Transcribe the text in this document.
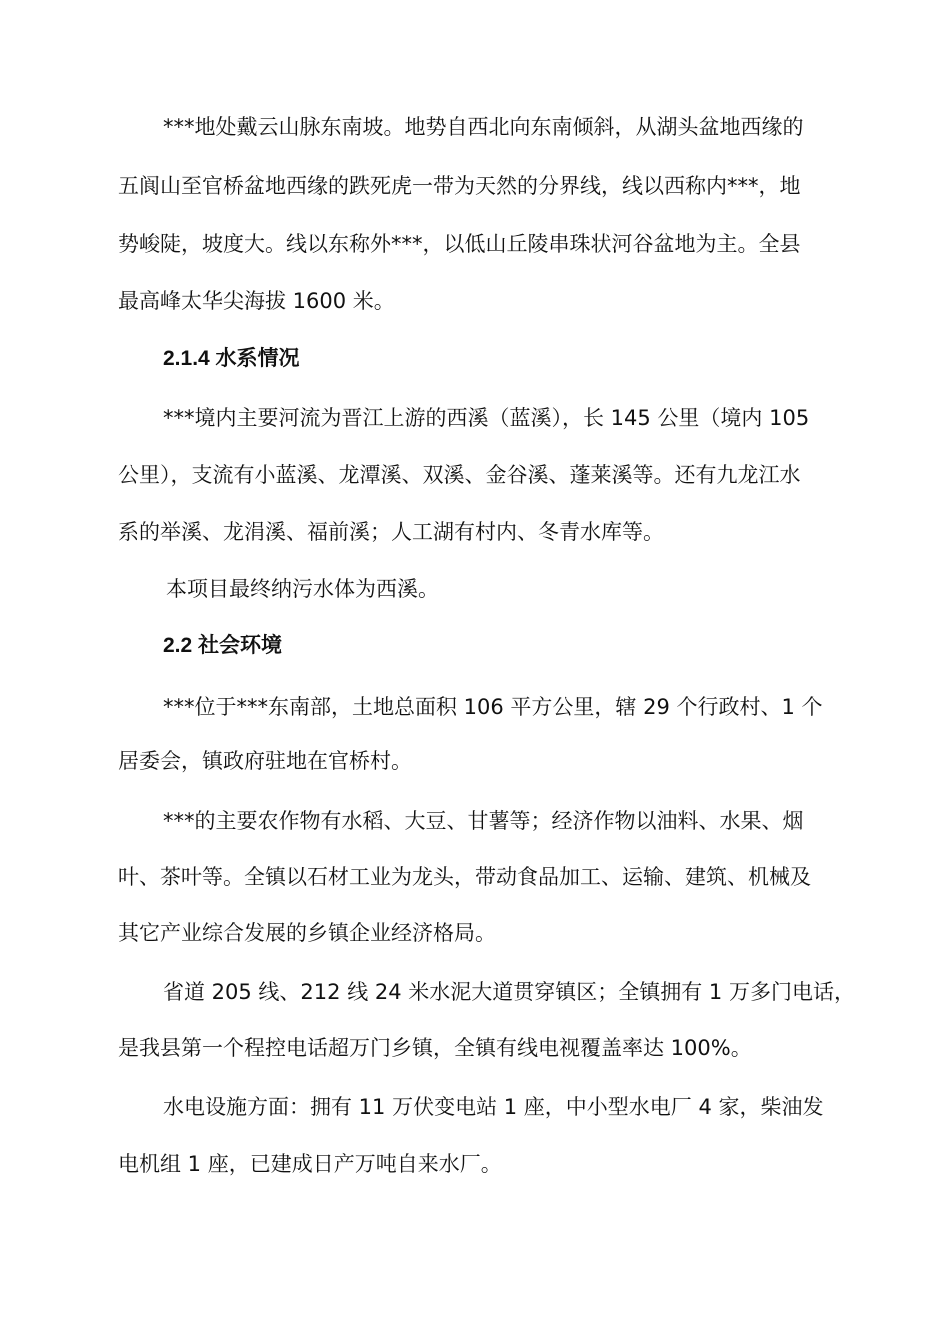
***地处戴云山脉东南坡。地势自西北向东南倾斜，从湖头盆地西缘的
五阆山至官桥盆地西缘的跌死虎一带为天然的分界线，线以西称内***，地
势峻陡，坡度大。线以东称外***，以低山丘陵串珠状河谷盆地为主。全县
最高峰太华尖海拔 1600 米。
2.1.4 水系情况
***境内主要河流为晋江上游的西溪（蓝溪），长 145 公里（境内 105
公里），支流有小蓝溪、龙潭溪、双溪、金谷溪、蓬莱溪等。还有九龙江水
系的举溪、龙涓溪、福前溪；人工湖有村内、冬青水库等。
本项目最终纳污水体为西溪。
2.2 社会环境
***位于***东南部，土地总面积 106 平方公里，辖 29 个行政村、1 个
居委会，镇政府驻地在官桥村。
***的主要农作物有水稻、大豆、甘薯等；经济作物以油料、水果、烟
叶、茶叶等。全镇以石材工业为龙头，带动食品加工、运输、建筑、机械及
其它产业综合发展的乡镇企业经济格局。
省道 205 线、212 线 24 米水泥大道贯穿镇区；全镇拥有 1 万多门电话，
是我县第一个程控电话超万门乡镇，全镇有线电视覆盖率达 100%。
水电设施方面：拥有 11 万伏变电站 1 座，中小型水电厂 4 家，柴油发
电机组 1 座，已建成日产万吨自来水厂。
